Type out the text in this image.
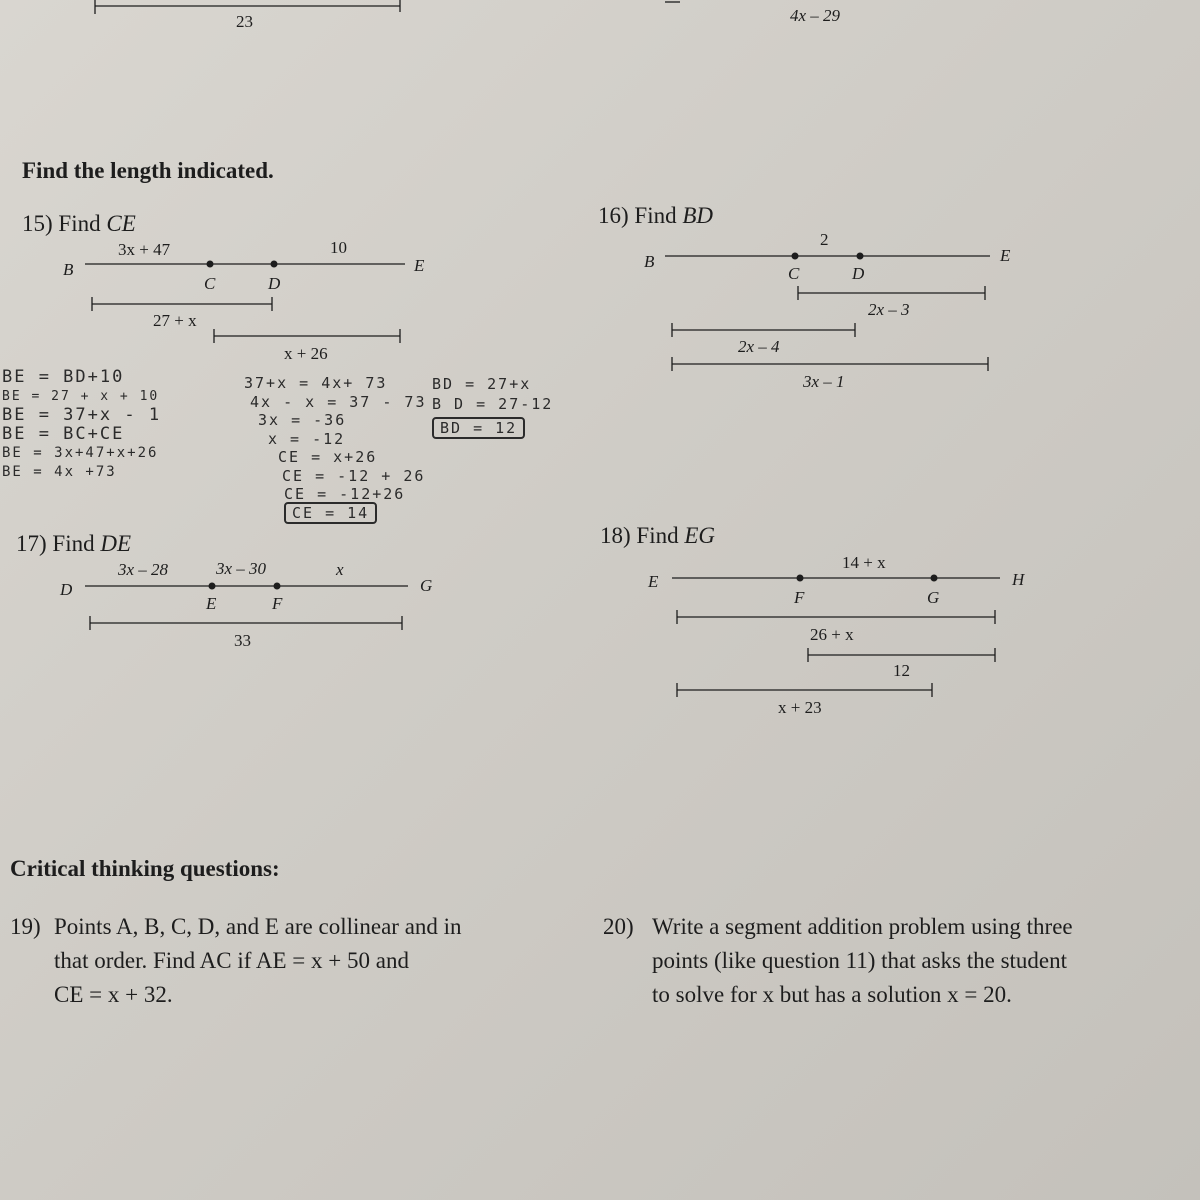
23	4x – 29
Find the length indicated.
15) Find CE
3x + 47	10
B
C	D
E
27 + x
x + 26
BE = BD+10
BE = 27 + x + 10
BE = 37+x - 1
BE = BC+CE
BE = 3x+47+x+26
BE = 4x +73
37+x = 4x+ 73
4x - x = 37 - 73
3x = -36
x = -12
CE = x+26
CE = -12 + 26
CE = -12+26
CE = 14
BD = 27+x
B D = 27-12
BD = 12
16) Find BD
2
B
C	D
E
2x – 3
2x – 4
3x – 1
17) Find DE
3x – 28	3x – 30	x
D
E	F
G
33
18) Find EG
14 + x
E
F	G
H
26 + x
12
x + 23
Critical thinking questions:
19) Points A, B, C, D, and E are collinear and in
that order. Find AC if AE = x + 50 and
CE = x + 32.
20) Write a segment addition problem using three
points (like question 11) that asks the student
to solve for x but has a solution x = 20.
